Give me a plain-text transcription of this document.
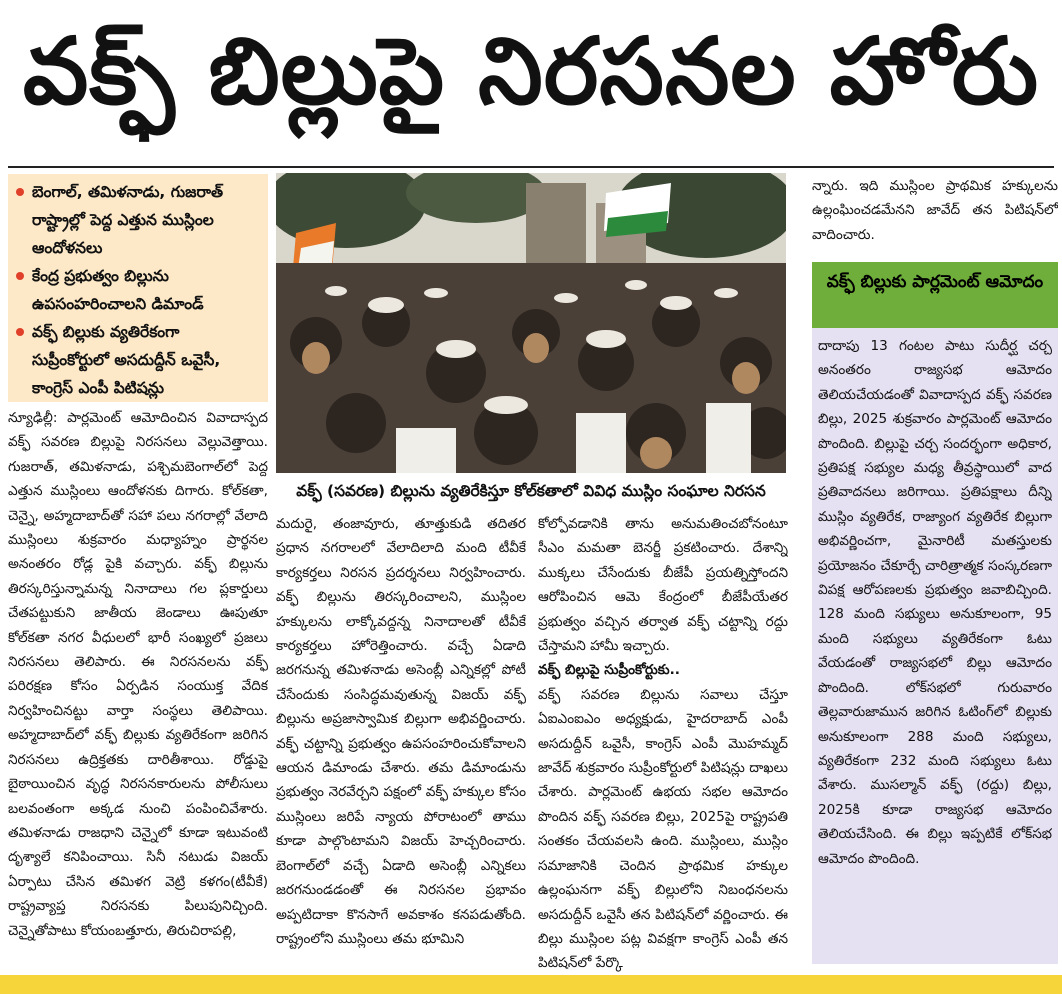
వక్ఫ్ బిల్లుపై నిరసనల హోరు
బెంగాల్, తమిళనాడు, గుజరాత్ రాష్ట్రాల్లో పెద్ద ఎత్తున ముస్లింల ఆందోళనలు
కేంద్ర ప్రభుత్వం బిల్లును ఉపసంహరించాలని డిమాండ్
వక్ఫ్ బిల్లుకు వ్యతిరేకంగా సుప్రీంకోర్టులో అసదుద్దీన్ ఒవైసీ, కాంగ్రెస్ ఎంపీ పిటిషన్లు
వక్ఫ్ (సవరణ) బిల్లును వ్యతిరేకిస్తూ కోల్‌కతాలో వివిధ ముస్లిం సంఘాల నిరసన

న్యూఢిల్లీ: పార్లమెంట్ ఆమోదించిన వివాదాస్పద వక్ఫ్ సవరణ బిల్లుపై నిరసనలు వెల్లువెత్తాయి. గుజరాత్, తమిళనాడు, పశ్చిమబెంగాల్‌లో పెద్ద ఎత్తున ముస్లింలు ఆందోళనకు దిగారు. కోల్‌కతా, చెన్నై, అహ్మదాబాద్‌తో సహా పలు నగరాల్లో వేలాది ముస్లింలు శుక్రవారం మధ్యాహ్నం ప్రార్థనల అనంతరం రోడ్ల పైకి వచ్చారు. వక్ఫ్ బిల్లును తిరస్కరిస్తున్నామన్న నినాదాలు గల ప్లకార్డులు చేతపట్టుకుని జాతీయ జెండాలు ఊపుతూ కోల్‌కతా నగర వీధులలో భారీ సంఖ్యలో ప్రజలు నిరసనలు తెలిపారు. ఈ నిరసనలను వక్ఫ్ పరిరక్షణ కోసం ఏర్పడిన సంయుక్త వేదిక నిర్వహించినట్టు వార్తా సంస్థలు తెలిపాయి. అహ్మదాబాద్‌లో వక్ఫ్ బిల్లుకు వ్యతిరేకంగా జరిగిన నిరసనలు ఉద్రిక్తతకు దారితీశాయి. రోడ్డుపై బైఠాయించిన వృద్ధ నిరసనకారులను పోలీసులు బలవంతంగా అక్కడ నుంచి పంపించివేశారు. తమిళనాడు రాజధాని చెన్నైలో కూడా ఇటువంటి దృశ్యాలే కనిపించాయి. సినీ నటుడు విజయ్ ఏర్పాటు చేసిన తమిళగ వెట్రి కళగం(టీవీకే) రాష్ట్రవ్యాప్త నిరసనకు పిలుపునిచ్చింది. చెన్నైతోపాటు కోయంబత్తూరు, తిరుచిరాపల్లి,

మదురై, తంజావూరు, తూత్తుకుడి తదితర ప్రధాన నగరాలలో వేలాదిలాది మంది టీవీకే కార్యకర్తలు నిరసన ప్రదర్శనలు నిర్వహించారు. వక్ఫ్ బిల్లును తిరస్కరించాలని, ముస్లింల హక్కులను లాక్కోవద్దన్న నినాదాలతో టీవీకే కార్యకర్తలు హోరెత్తించారు. వచ్చే ఏడాది జరగనున్న తమిళనాడు అసెంబ్లీ ఎన్నికల్లో పోటీ చేసేందుకు సంసిద్ధమవుతున్న విజయ్ వక్ఫ్ బిల్లును అప్రజాస్వామిక బిల్లుగా అభివర్ణించారు. వక్ఫ్ చట్టాన్ని ప్రభుత్వం ఉపసంహరించుకోవాలని ఆయన డిమాండు చేశారు. తమ డిమాండును ప్రభుత్వం నెరవేర్చని పక్షంలో వక్ఫ్ హక్కుల కోసం ముస్లింలు జరిపే న్యాయ పోరాటంలో తాము కూడా పాల్గొంటామని విజయ్ హెచ్చరించారు. బెంగాల్‌లో వచ్చే ఏడాది అసెంబ్లీ ఎన్నికలు జరగనుండడంతో ఈ నిరసనల ప్రభావం అప్పటిదాకా కొనసాగే అవకాశం కనపడుతోంది. రాష్ట్రంలోని ముస్లింలు తమ భూమిని

కోల్పోవడానికి తాను అనుమతించబోనంటూ సీఎం మమతా బెనర్జీ ప్రకటించారు. దేశాన్ని ముక్కలు చేసేందుకు బీజేపీ ప్రయత్నిస్తోందని ఆరోపించిన ఆమె కేంద్రంలో బీజేపీయేతర ప్రభుత్వం వచ్చిన తర్వాత వక్ఫ్ చట్టాన్ని రద్దు చేస్తామని హామీ ఇచ్చారు.

వక్ఫ్ బిల్లుపై సుప్రీంకోర్టుకు..

వక్ఫ్ సవరణ బిల్లును సవాలు చేస్తూ ఏఐఎంఐఎం అధ్యక్షుడు, హైదరాబాద్ ఎంపీ అసదుద్దీన్ ఒవైసీ, కాంగ్రెస్ ఎంపీ మొహమ్మద్ జావేద్ శుక్రవారం సుప్రీంకోర్టులో పిటిషన్లు దాఖలు చేశారు. పార్లమెంట్ ఉభయ సభల ఆమోదం పొందిన వక్ఫ్ సవరణ బిల్లు, 2025పై రాష్ట్రపతి సంతకం చేయవలసి ఉంది. ముస్లింలు, ముస్లిం సమాజానికి చెందిన ప్రాథమిక హక్కుల ఉల్లంఘనగా వక్ఫ్ బిల్లులోని నిబంధనలను అసదుద్దీన్ ఒవైసీ తన పిటిషన్‌లో వర్ణించారు. ఈ బిల్లు ముస్లింల పట్ల వివక్షగా కాంగ్రెస్ ఎంపీ తన పిటిషన్‌లో పేర్కొ

న్నారు. ఇది ముస్లింల ప్రాథమిక హక్కులను ఉల్లంఘించడమేనని జావేద్ తన పిటిషన్‌లో వాదించారు.

వక్ఫ్ బిల్లుకు పార్లమెంట్ ఆమోదం

దాదాపు 13 గంటల పాటు సుదీర్ఘ చర్చ అనంతరం రాజ్యసభ ఆమోదం తెలియచేయడంతో వివాదాస్పద వక్ఫ్ సవరణ బిల్లు, 2025 శుక్రవారం పార్లమెంట్ ఆమోదం పొందింది. బిల్లుపై చర్చ సందర్భంగా అధికార, ప్రతిపక్ష సభ్యుల మధ్య తీవ్రస్థాయిలో వాద ప్రతివాదనలు జరిగాయి. ప్రతిపక్షాలు దీన్ని ముస్లిం వ్యతిరేక, రాజ్యాంగ వ్యతిరేక బిల్లుగా అభివర్ణించగా, మైనారిటీ మతస్తులకు ప్రయోజనం చేకూర్చే చారిత్రాత్మక సంస్కరణగా విపక్ష ఆరోపణలకు ప్రభుత్వం జవాబిచ్చింది. 128 మంది సభ్యులు అనుకూలంగా, 95 మంది సభ్యులు వ్యతిరేకంగా ఓటు వేయడంతో రాజ్యసభలో బిల్లు ఆమోదం పొందింది. లోక్‌సభలో గురువారం తెల్లవారుజామున జరిగిన ఓటింగ్‌లో బిల్లుకు అనుకూలంగా 288 మంది సభ్యులు, వ్యతిరేకంగా 232 మంది సభ్యులు ఓటు వేశారు. ముసల్మాన్ వక్ఫ్ (రద్దు) బిల్లు, 2025కి కూడా రాజ్యసభ ఆమోదం తెలియచేసింది. ఈ బిల్లు ఇప్పటికే లోక్‌సభ ఆమోదం పొందింది.
